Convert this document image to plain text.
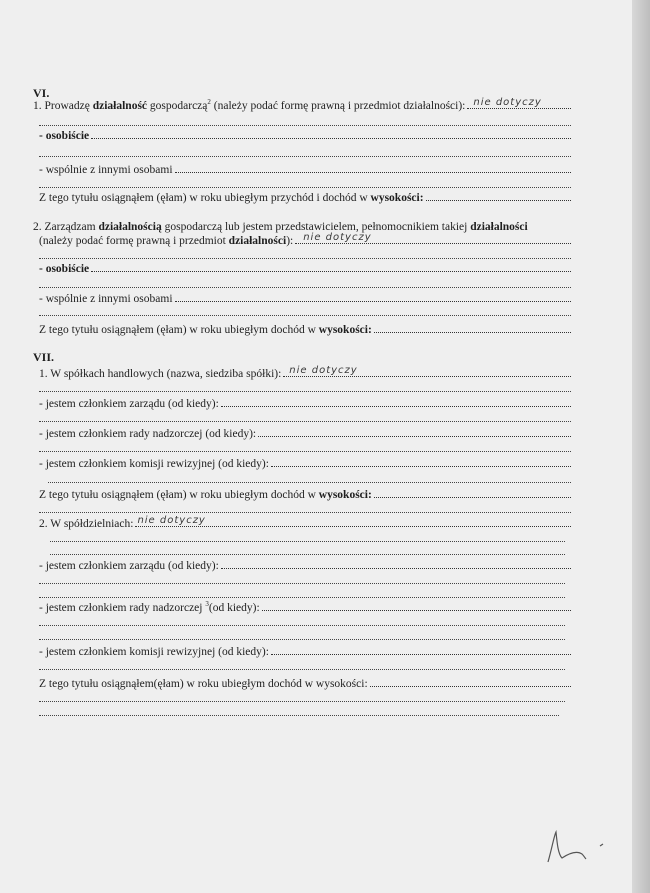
VI.
1. Prowadzę działalność gospodarczą$^2$ (należy podać formę prawną i przedmiot działalności): nie dotyczy
- osobiście
- wspólnie z innymi osobami
Z tego tytułu osiągnąłem (ęłam) w roku ubiegłym przychód i dochód w wysokości:
2. Zarządzam działalnością gospodarczą lub jestem przedstawicielem, pełnomocnikiem takiej działalności
(należy podać formę prawną i przedmiot działalności): nie dotyczy
- osobiście
- wspólnie z innymi osobami
Z tego tytułu osiągnąłem (ęłam) w roku ubiegłym dochód w wysokości:
VII.
1. W spółkach handlowych (nazwa, siedziba spółki): nie dotyczy
- jestem członkiem zarządu (od kiedy):
- jestem członkiem rady nadzorczej (od kiedy):
- jestem członkiem komisji rewizyjnej (od kiedy):
Z tego tytułu osiągnąłem (ęłam) w roku ubiegłym dochód w wysokości:
2. W spółdzielniach: nie dotyczy
- jestem członkiem zarządu (od kiedy):
- jestem członkiem rady nadzorczej $^3$(od kiedy):
- jestem członkiem komisji rewizyjnej (od kiedy):
Z tego tytułu osiągnąłem(ęłam) w roku ubiegłym dochód w wysokości:
